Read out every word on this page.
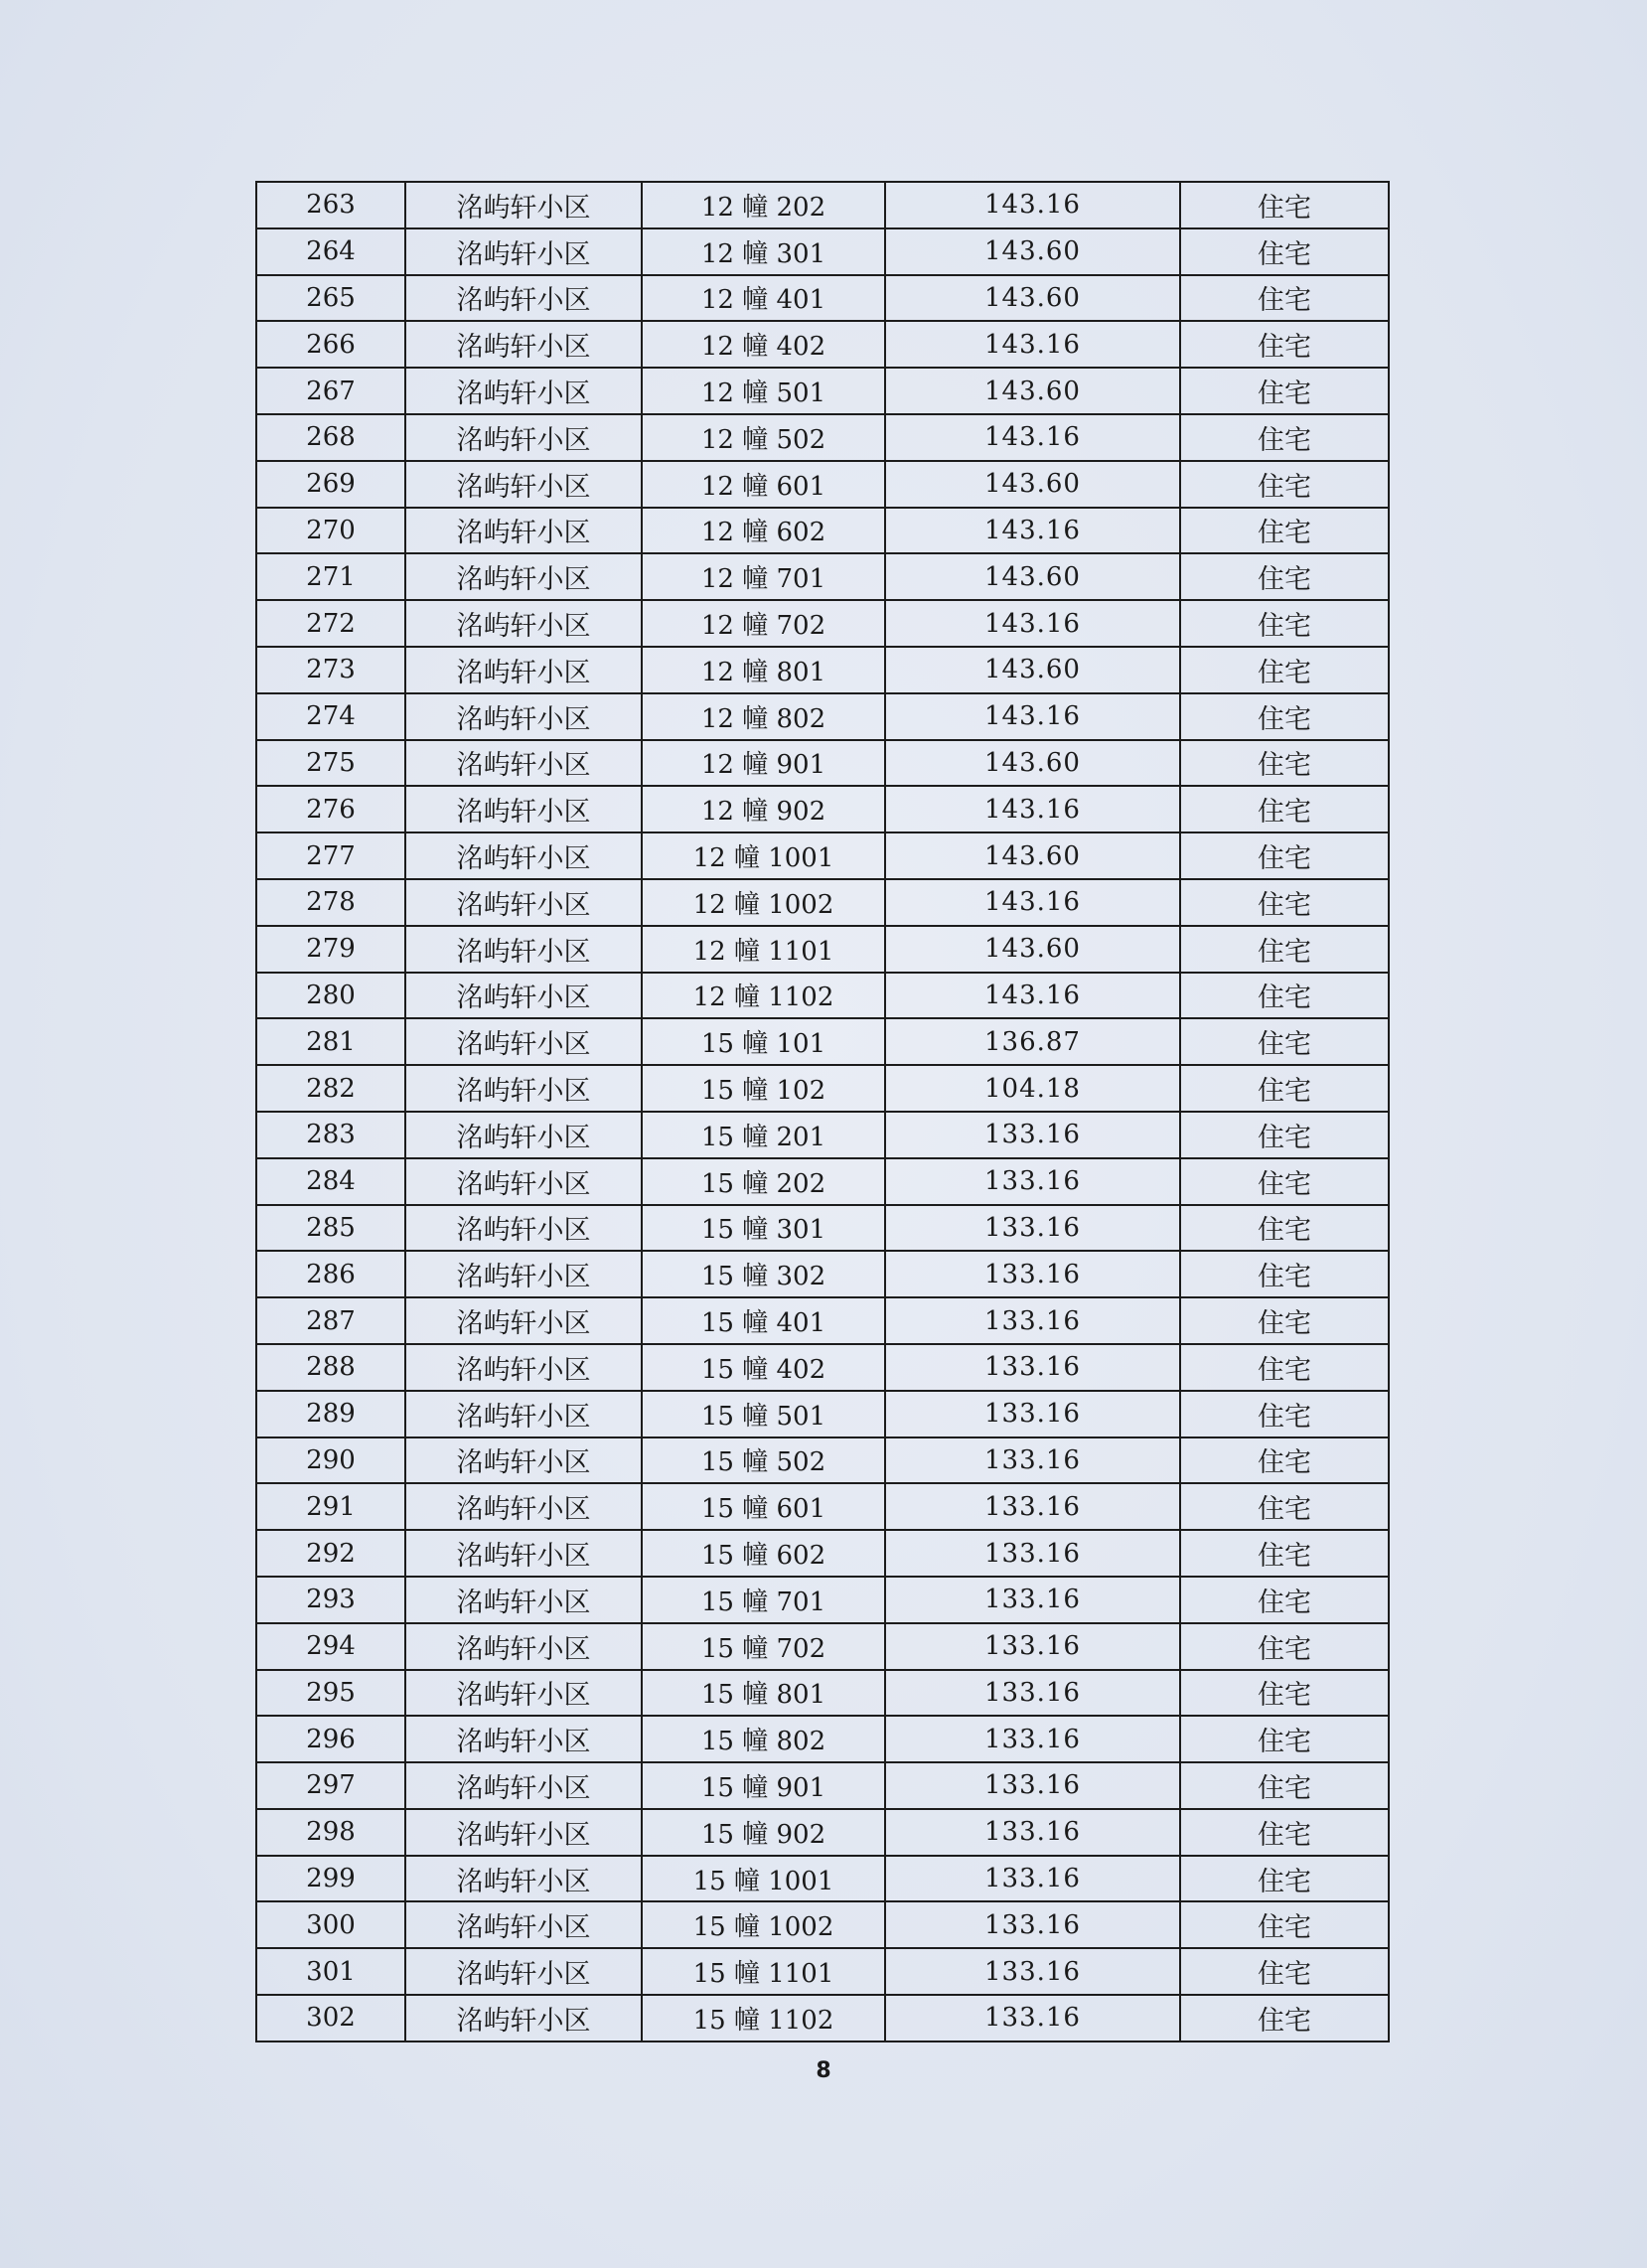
263	洺屿轩小区	12 幢 202	143.16	住宅
264	洺屿轩小区	12 幢 301	143.60	住宅
265	洺屿轩小区	12 幢 401	143.60	住宅
266	洺屿轩小区	12 幢 402	143.16	住宅
267	洺屿轩小区	12 幢 501	143.60	住宅
268	洺屿轩小区	12 幢 502	143.16	住宅
269	洺屿轩小区	12 幢 601	143.60	住宅
270	洺屿轩小区	12 幢 602	143.16	住宅
271	洺屿轩小区	12 幢 701	143.60	住宅
272	洺屿轩小区	12 幢 702	143.16	住宅
273	洺屿轩小区	12 幢 801	143.60	住宅
274	洺屿轩小区	12 幢 802	143.16	住宅
275	洺屿轩小区	12 幢 901	143.60	住宅
276	洺屿轩小区	12 幢 902	143.16	住宅
277	洺屿轩小区	12 幢 1001	143.60	住宅
278	洺屿轩小区	12 幢 1002	143.16	住宅
279	洺屿轩小区	12 幢 1101	143.60	住宅
280	洺屿轩小区	12 幢 1102	143.16	住宅
281	洺屿轩小区	15 幢 101	136.87	住宅
282	洺屿轩小区	15 幢 102	104.18	住宅
283	洺屿轩小区	15 幢 201	133.16	住宅
284	洺屿轩小区	15 幢 202	133.16	住宅
285	洺屿轩小区	15 幢 301	133.16	住宅
286	洺屿轩小区	15 幢 302	133.16	住宅
287	洺屿轩小区	15 幢 401	133.16	住宅
288	洺屿轩小区	15 幢 402	133.16	住宅
289	洺屿轩小区	15 幢 501	133.16	住宅
290	洺屿轩小区	15 幢 502	133.16	住宅
291	洺屿轩小区	15 幢 601	133.16	住宅
292	洺屿轩小区	15 幢 602	133.16	住宅
293	洺屿轩小区	15 幢 701	133.16	住宅
294	洺屿轩小区	15 幢 702	133.16	住宅
295	洺屿轩小区	15 幢 801	133.16	住宅
296	洺屿轩小区	15 幢 802	133.16	住宅
297	洺屿轩小区	15 幢 901	133.16	住宅
298	洺屿轩小区	15 幢 902	133.16	住宅
299	洺屿轩小区	15 幢 1001	133.16	住宅
300	洺屿轩小区	15 幢 1002	133.16	住宅
301	洺屿轩小区	15 幢 1101	133.16	住宅
302	洺屿轩小区	15 幢 1102	133.16	住宅
8
